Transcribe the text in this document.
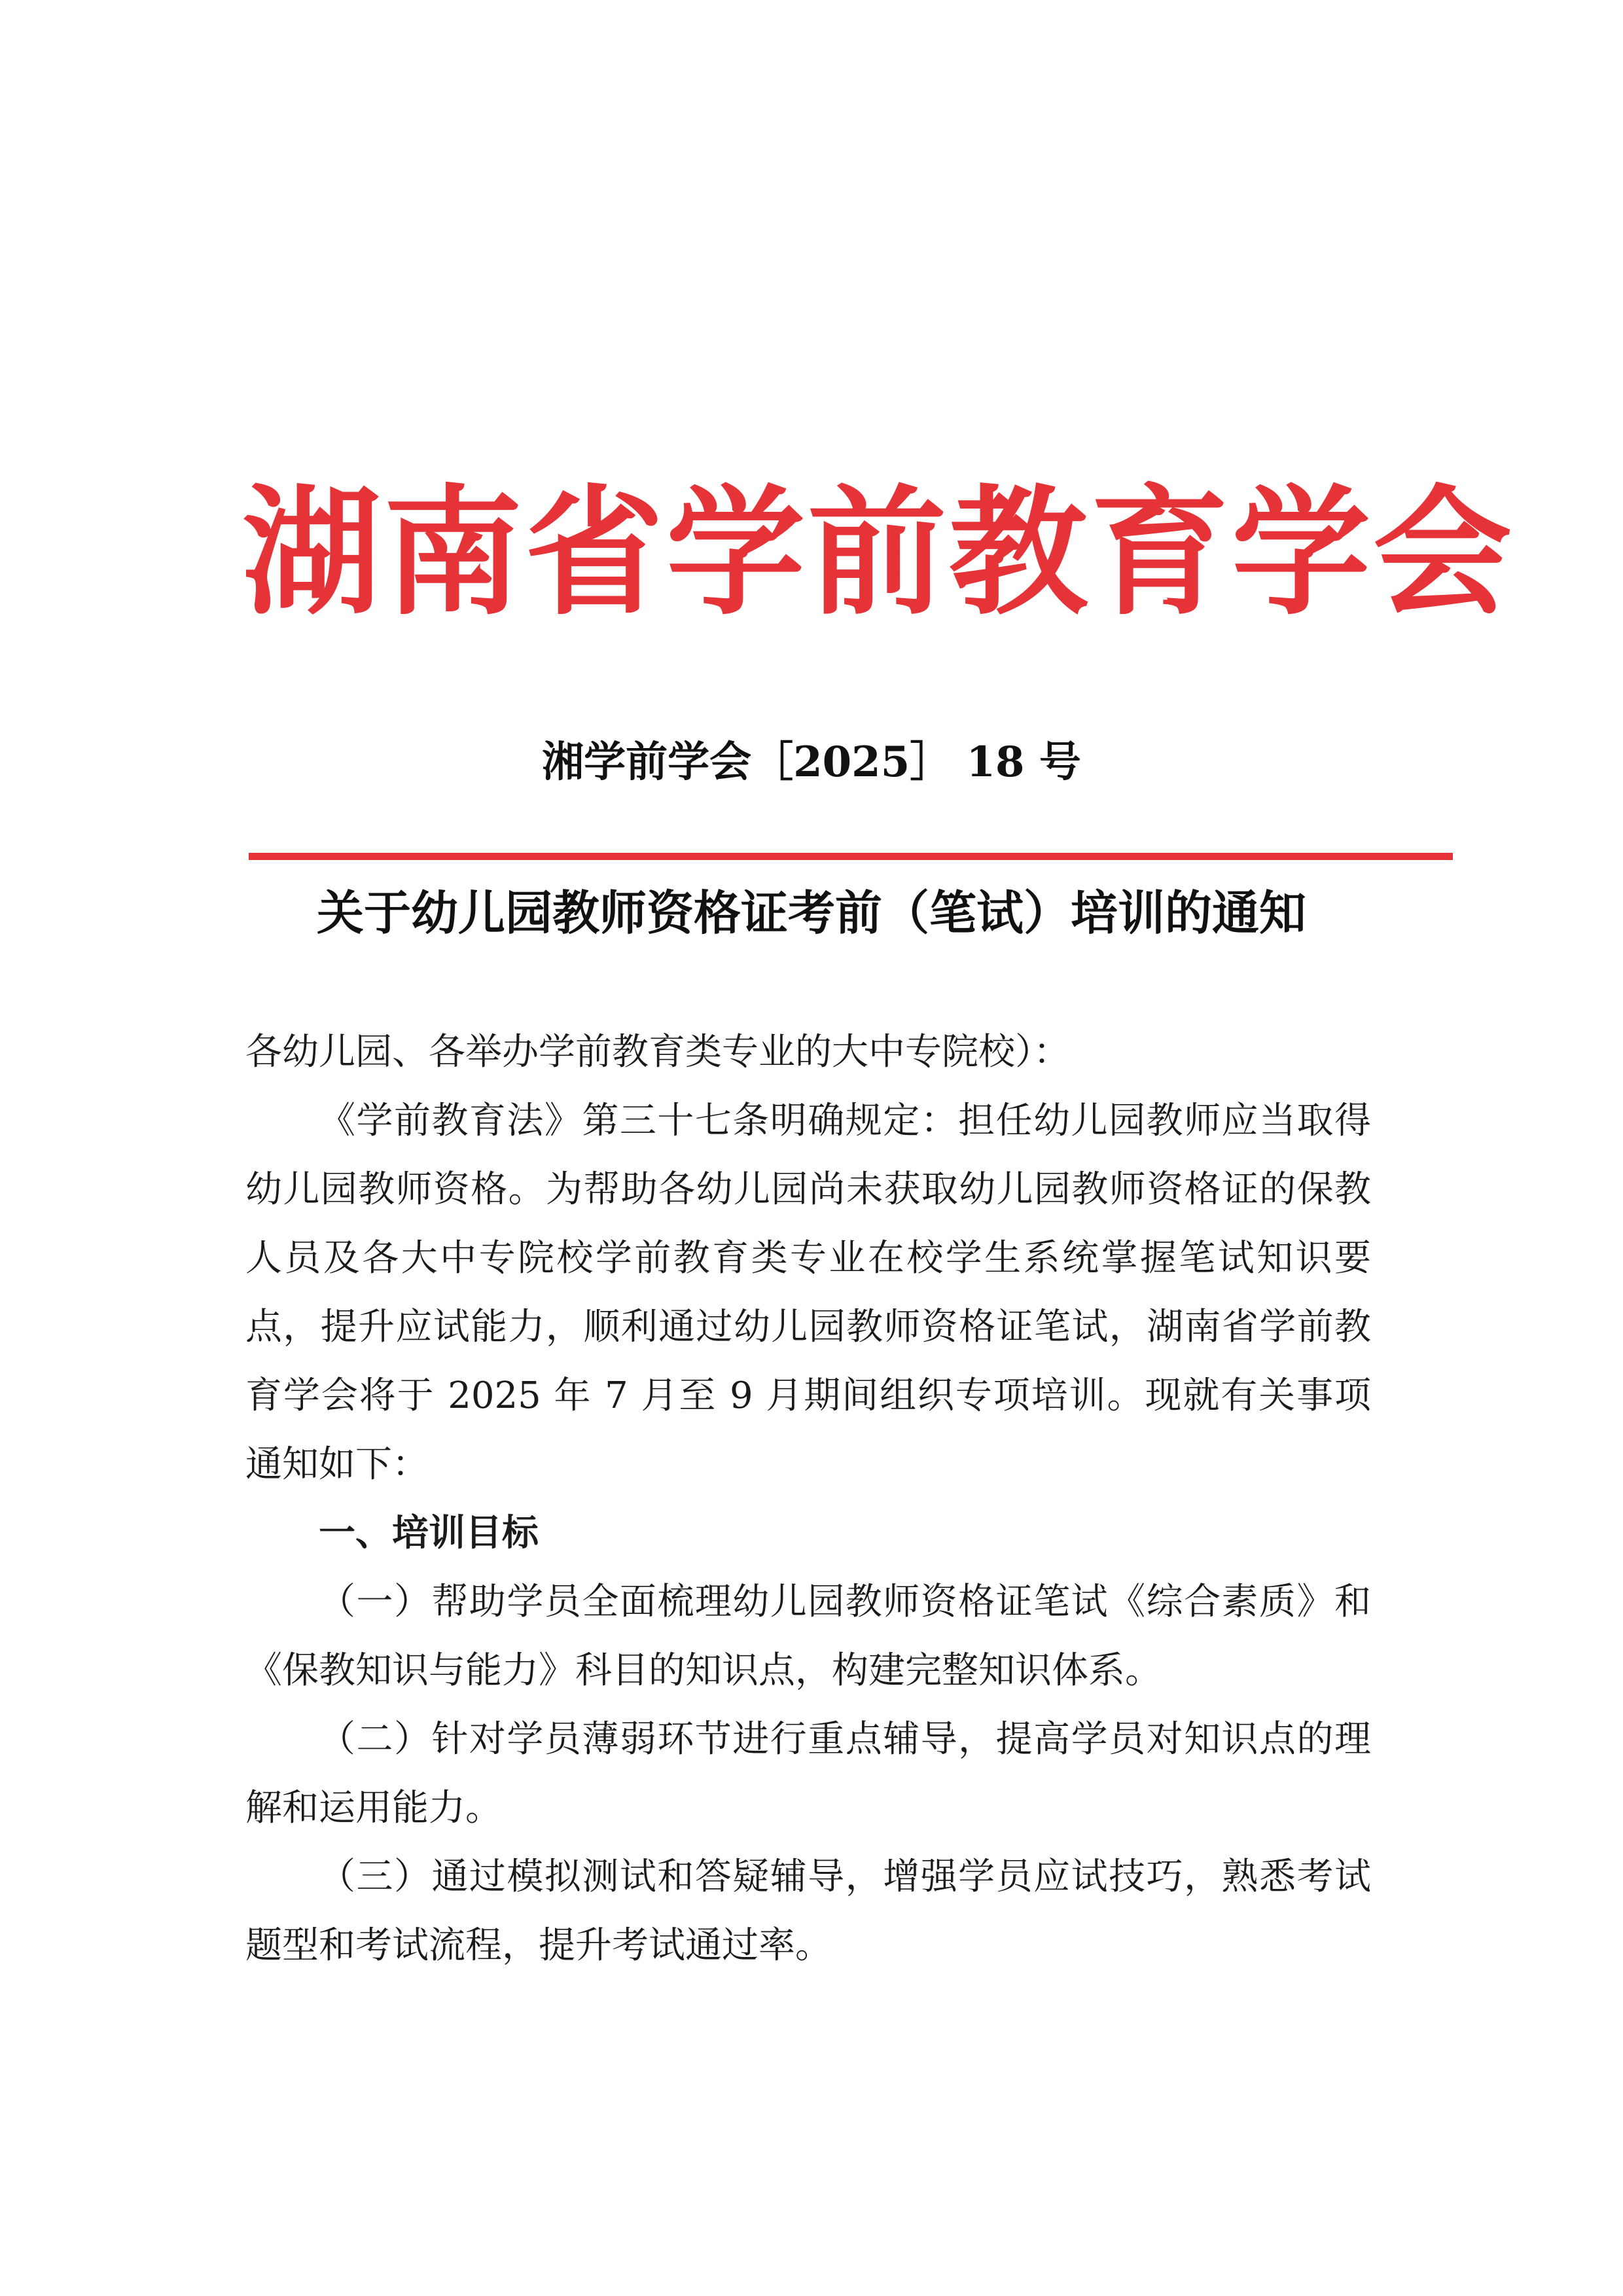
湖南省学前教育学会
湘学前学会［2025］ 18 号
关于幼儿园教师资格证考前（笔试）培训的通知

各幼儿园、各举办学前教育类专业的大中专院校）：

《学前教育法》第三十七条明确规定：担任幼儿园教师应当取得幼儿园教师资格。为帮助各幼儿园尚未获取幼儿园教师资格证的保教人员及各大中专院校学前教育类专业在校学生系统掌握笔试知识要点，提升应试能力，顺利通过幼儿园教师资格证笔试，湖南省学前教育学会将于 2025 年 7 月至 9 月期间组织专项培训。现就有关事项通知如下：

一、培训目标

（一）帮助学员全面梳理幼儿园教师资格证笔试《综合素质》和《保教知识与能力》科目的知识点，构建完整知识体系。

（二）针对学员薄弱环节进行重点辅导，提高学员对知识点的理解和运用能力。

（三）通过模拟测试和答疑辅导，增强学员应试技巧，熟悉考试题型和考试流程，提升考试通过率。
